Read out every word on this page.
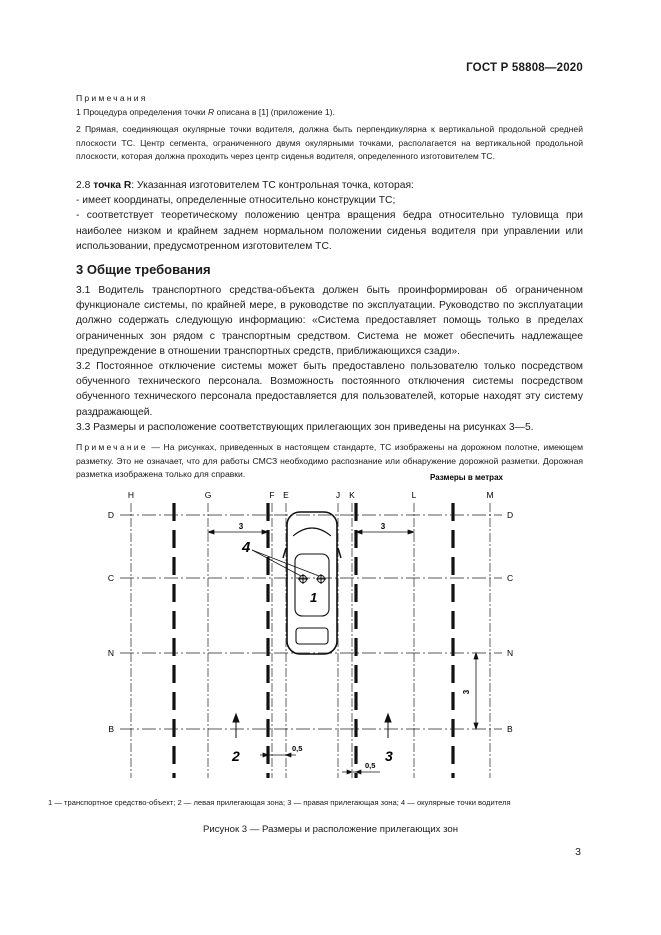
ГОСТ Р 58808—2020

Примечания

1 Процедура определения точки R описана в [1] (приложение 1).

2 Прямая, соединяющая окулярные точки водителя, должна быть перпендикулярна к вертикальной продольной средней плоскости ТС. Центр сегмента, ограниченного двумя окулярными точками, располагается на вертикальной продольной плоскости, которая должна проходить через центр сиденья водителя, определенного изготовителем ТС.

2.8 точка R: Указанная изготовителем ТС контрольная точка, которая:

- имеет координаты, определенные относительно конструкции ТС;

- соответствует теоретическому положению центра вращения бедра относительно туловища при наиболее низком и крайнем заднем нормальном положении сиденья водителя при управлении или использовании, предусмотренном изготовителем ТС.

3 Общие требования

3.1 Водитель транспортного средства-объекта должен быть проинформирован об ограниченном функционале системы, по крайней мере, в руководстве по эксплуатации. Руководство по эксплуатации должно содержать следующую информацию: «Система предоставляет помощь только в пределах ограниченных зон рядом с транспортным средством. Система не может обеспечить надлежащее предупреждение в отношении транспортных средств, приближающихся сзади».

3.2 Постоянное отключение системы может быть предоставлено пользователю только посредством обученного технического персонала. Возможность постоянного отключения системы посредством обученного технического персонала предоставляется для пользователей, которые находят эту систему раздражающей.

3.3 Размеры и расположение соответствующих прилегающих зон приведены на рисунках 3—5.

Примечание — На рисунках, приведенных в настоящем стандарте, ТС изображены на дорожном полотне, имеющем разметку. Это не означает, что для работы СМСЗ необходимо распознание или обнаружение дорожной разметки. Дорожная разметка изображена только для справки.	Размеры в метрах
H	G	F E	J K	L	M
D
C
N
B
D
C
N
B
3	3
3
4
1
2	3
0,5
0,5
1 — транспортное средство-объект; 2 — левая прилегающая зона; 3 — правая прилегающая зона; 4 — окулярные точки водителя
Рисунок 3 — Размеры и расположение прилегающих зон
3
